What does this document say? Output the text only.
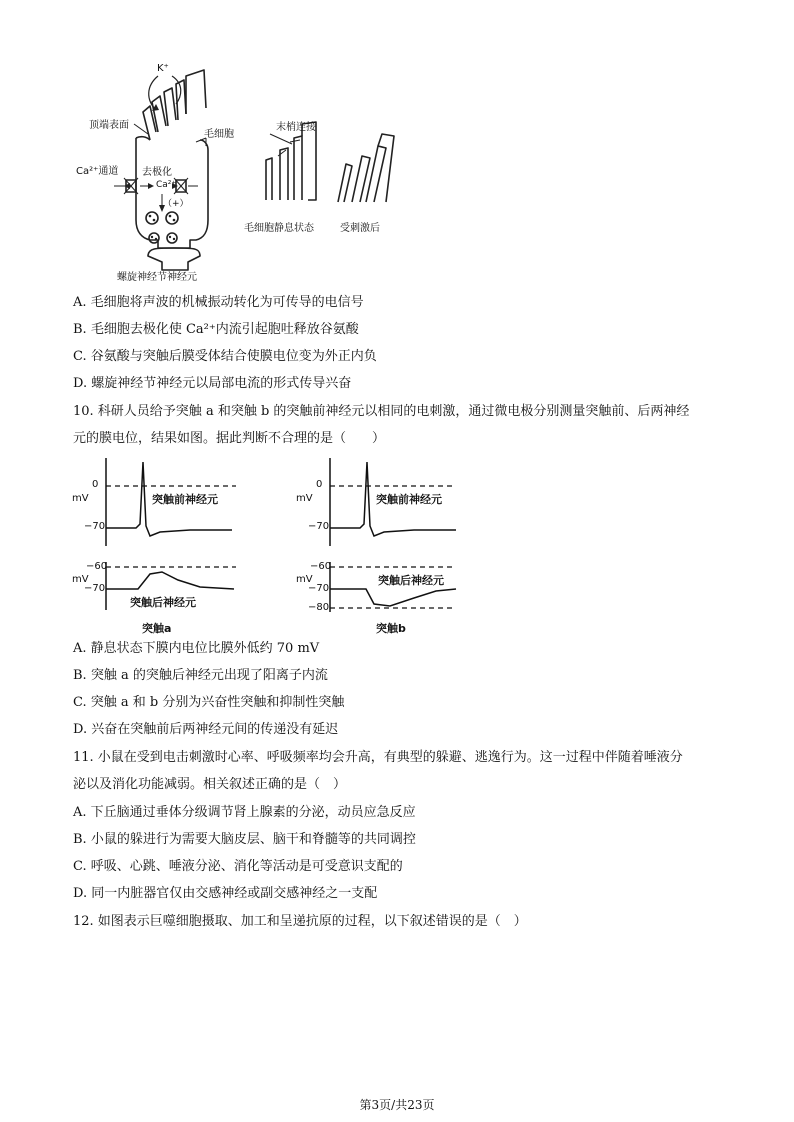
K⁺
顶端表面
毛细胞
末梢连接
Ca²⁺通道 去极化
Ca²⁺
（+）
毛细胞静息状态	受刺激后
螺旋神经节神经元
A. 毛细胞将声波的机械振动转化为可传导的电信号
B. 毛细胞去极化使 Ca²⁺内流引起胞吐释放谷氨酸
C. 谷氨酸与突触后膜受体结合使膜电位变为外正内负
D. 螺旋神经节神经元以局部电流的形式传导兴奋
10. 科研人员给予突触 a 和突触 b 的突触前神经元以相同的电刺激，通过微电极分别测量突触前、后两神经
元的膜电位，结果如图。据此判断不合理的是（　　）
0
mV
−70
突触前神经元
−60
mV
−70
突触后神经元
突触a
0
mV
−70
突触前神经元
−60
mV
−70
−80
突触后神经元
突触b
A. 静息状态下膜内电位比膜外低约 70 mV
B. 突触 a 的突触后神经元出现了阳离子内流
C. 突触 a 和 b 分别为兴奋性突触和抑制性突触
D. 兴奋在突触前后两神经元间的传递没有延迟
11. 小鼠在受到电击刺激时心率、呼吸频率均会升高，有典型的躲避、逃逸行为。这一过程中伴随着唾液分
泌以及消化功能减弱。相关叙述正确的是（　）
A. 下丘脑通过垂体分级调节肾上腺素的分泌，动员应急反应
B. 小鼠的躲进行为需要大脑皮层、脑干和脊髓等的共同调控
C. 呼吸、心跳、唾液分泌、消化等活动是可受意识支配的
D. 同一内脏器官仅由交感神经或副交感神经之一支配
12. 如图表示巨噬细胞摄取、加工和呈递抗原的过程，以下叙述错误的是（　）
第3页/共23页
